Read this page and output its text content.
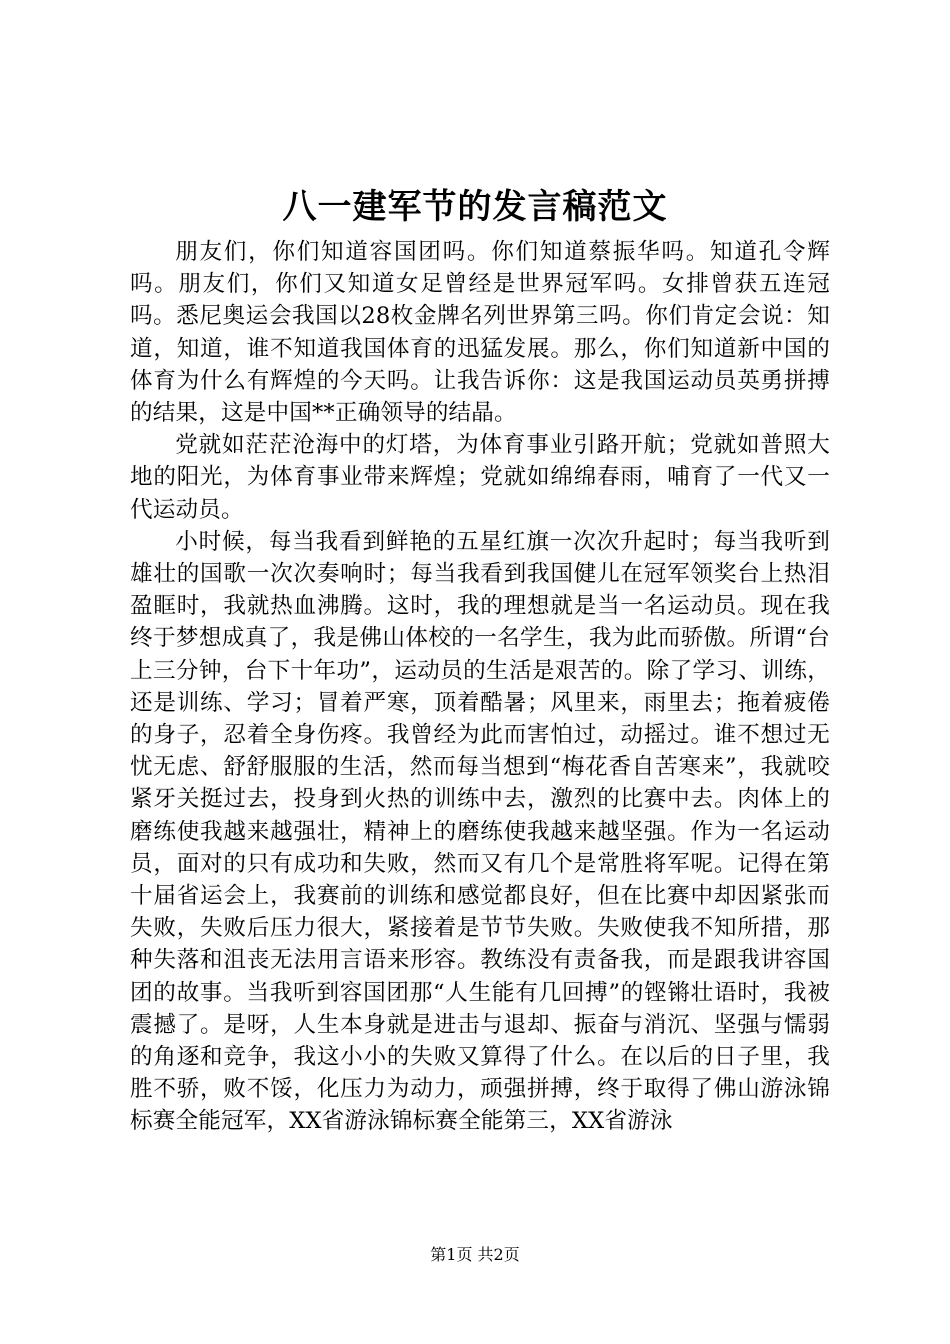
八一建军节的发言稿范文

朋友们，你们知道容国团吗。你们知道蔡振华吗。知道孔令辉吗。朋友们，你们又知道女足曾经是世界冠军吗。女排曾获五连冠吗。悉尼奥运会我国以28枚金牌名列世界第三吗。你们肯定会说：知道，知道，谁不知道我国体育的迅猛发展。那么，你们知道新中国的体育为什么有辉煌的今天吗。让我告诉你：这是我国运动员英勇拼搏的结果，这是中国**正确领导的结晶。

党就如茫茫沧海中的灯塔，为体育事业引路开航；党就如普照大地的阳光，为体育事业带来辉煌；党就如绵绵春雨，哺育了一代又一代运动员。

小时候，每当我看到鲜艳的五星红旗一次次升起时；每当我听到雄壮的国歌一次次奏响时；每当我看到我国健儿在冠军领奖台上热泪盈眶时，我就热血沸腾。这时，我的理想就是当一名运动员。现在我终于梦想成真了，我是佛山体校的一名学生，我为此而骄傲。所谓“台上三分钟，台下十年功”，运动员的生活是艰苦的。除了学习、训练，还是训练、学习；冒着严寒，顶着酷暑；风里来，雨里去；拖着疲倦的身子，忍着全身伤疼。我曾经为此而害怕过，动摇过。谁不想过无忧无虑、舒舒服服的生活，然而每当想到“梅花香自苦寒来”，我就咬紧牙关挺过去，投身到火热的训练中去，激烈的比赛中去。肉体上的磨练使我越来越强壮，精神上的磨练使我越来越坚强。作为一名运动员，面对的只有成功和失败，然而又有几个是常胜将军呢。记得在第十届省运会上，我赛前的训练和感觉都良好，但在比赛中却因紧张而失败，失败后压力很大，紧接着是节节失败。失败使我不知所措，那种失落和沮丧无法用言语来形容。教练没有责备我，而是跟我讲容国团的故事。当我听到容国团那“人生能有几回搏”的铿锵壮语时，我被震撼了。是呀，人生本身就是进击与退却、振奋与消沉、坚强与懦弱的角逐和竞争，我这小小的失败又算得了什么。在以后的日子里，我胜不骄，败不馁，化压力为动力，顽强拼搏，终于取得了佛山游泳锦标赛全能冠军，XX省游泳锦标赛全能第三，XX省游泳

第1页 共2页
